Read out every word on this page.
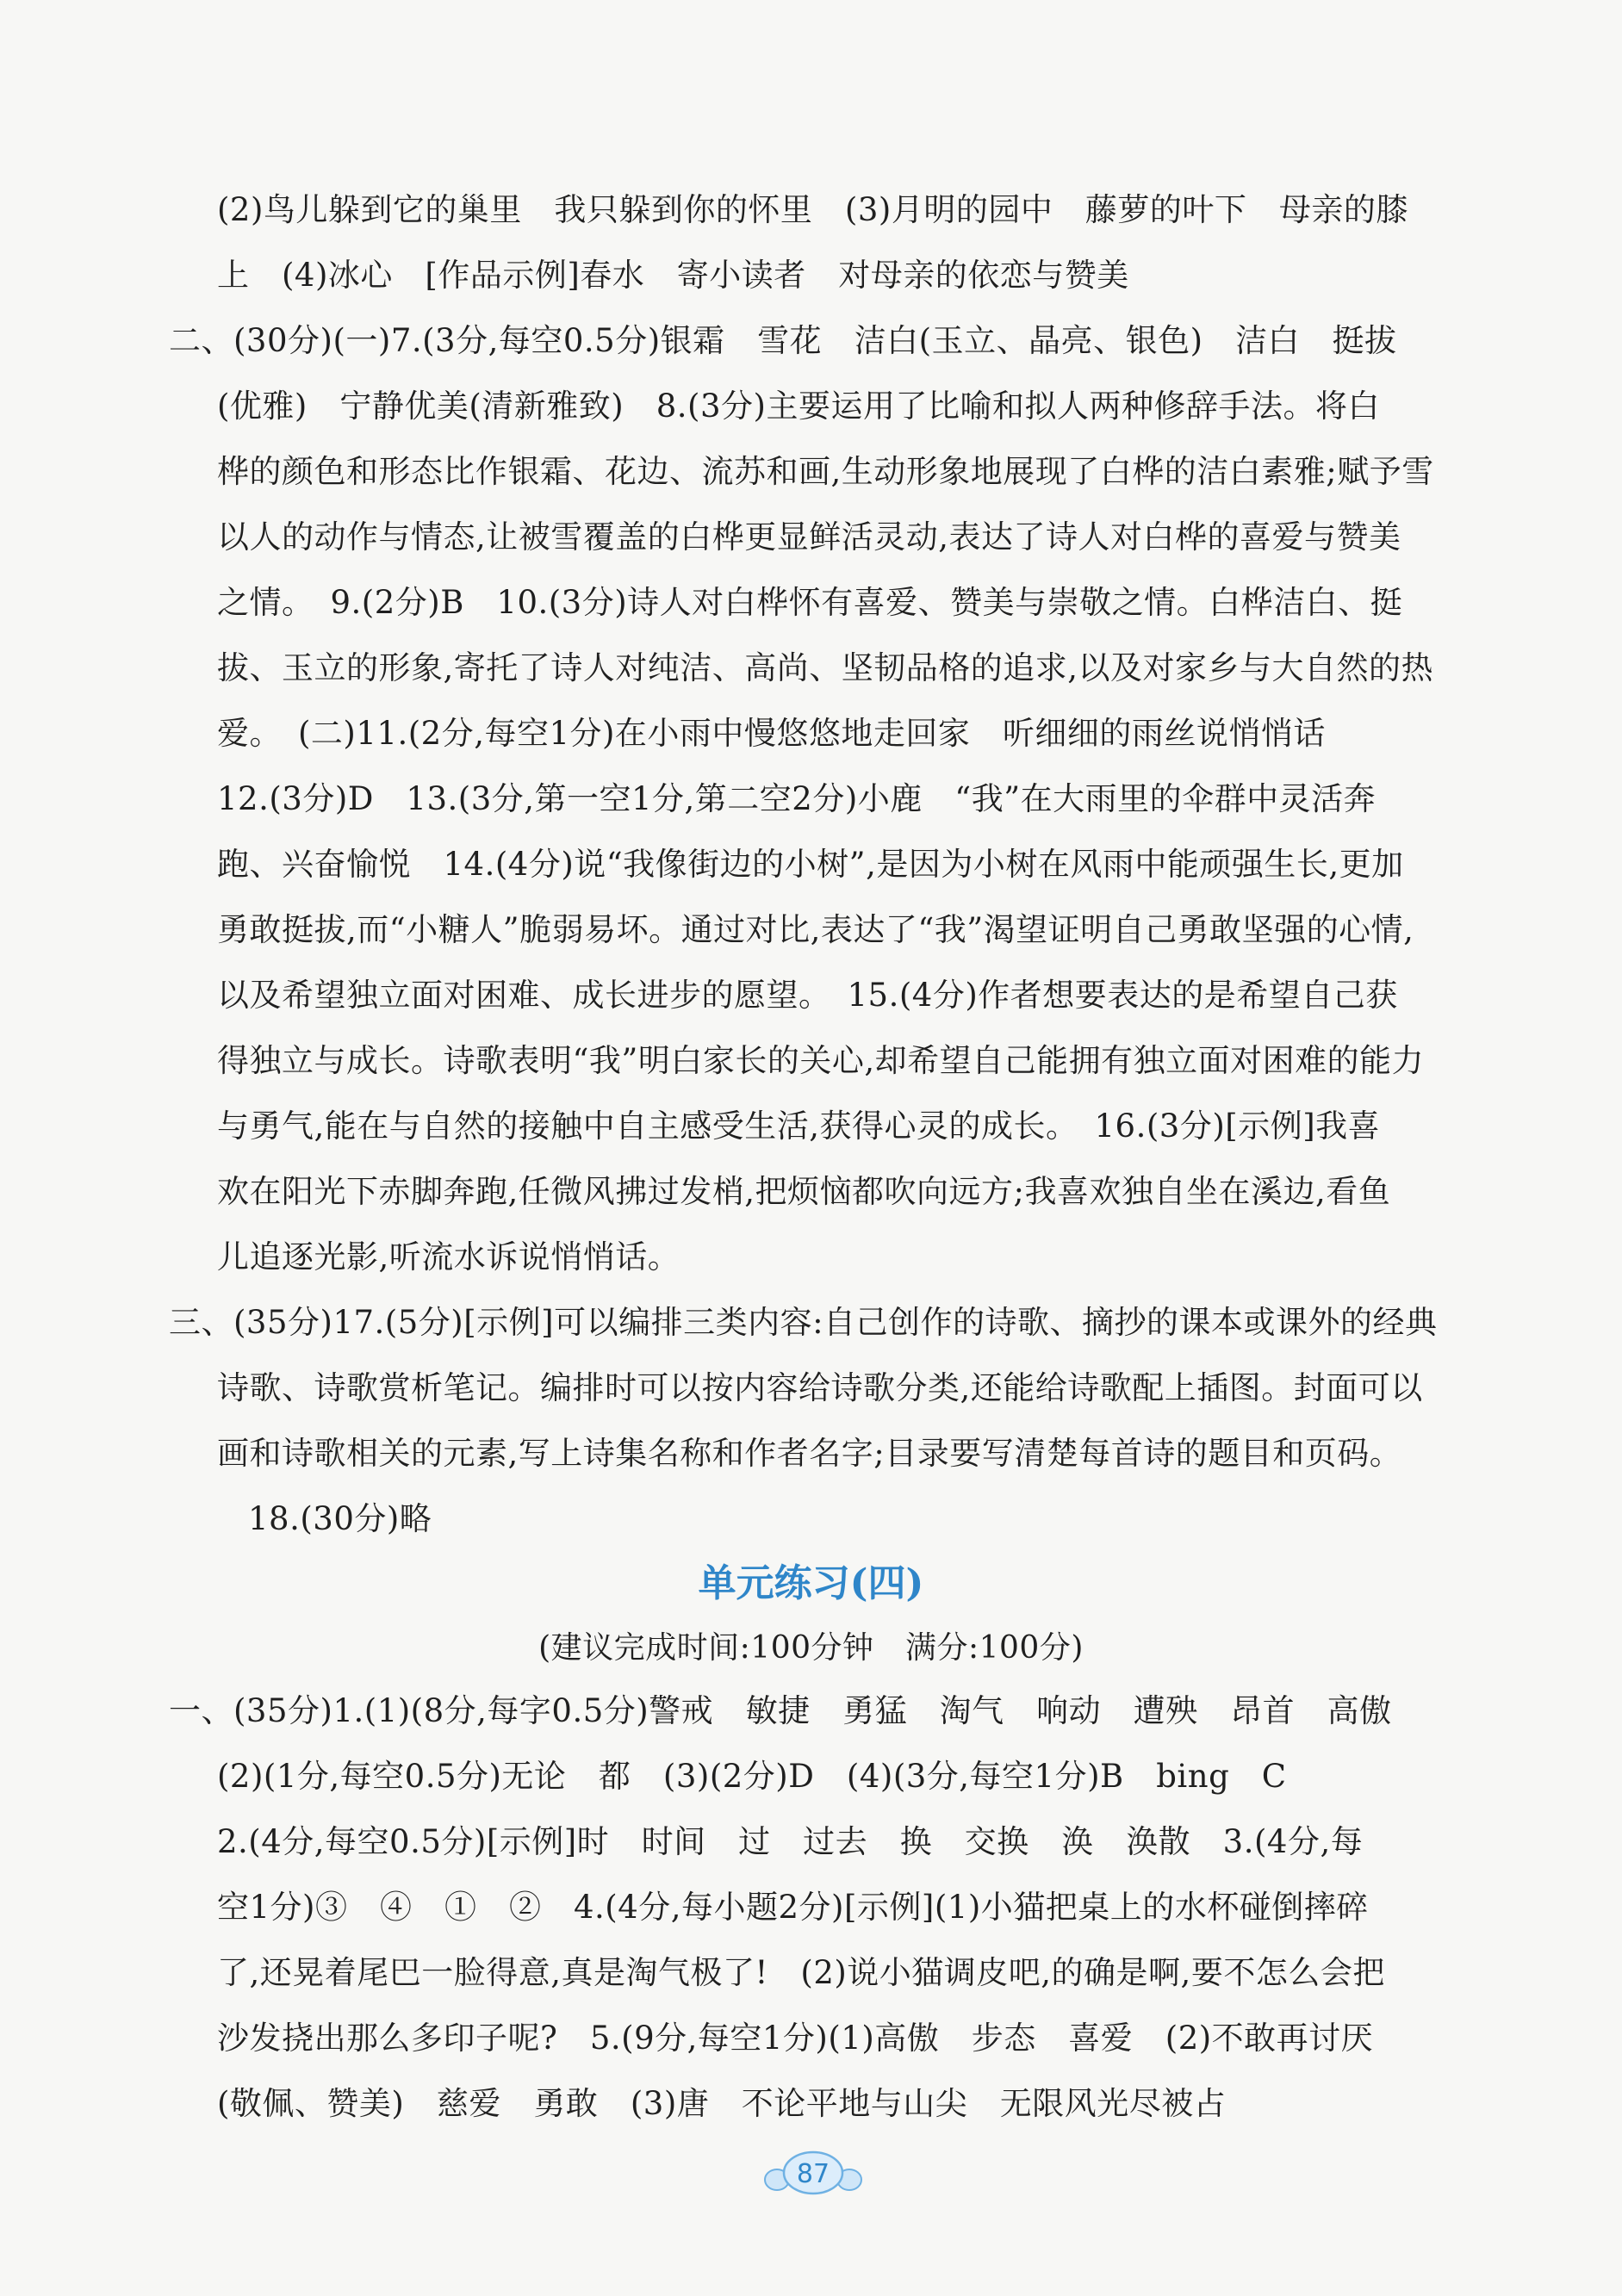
(2)鸟儿躲到它的巢里　我只躲到你的怀里　(3)月明的园中　藤萝的叶下　母亲的膝
上　(4)冰心　[作品示例]春水　寄小读者　对母亲的依恋与赞美
二、(30分)(一)7.(3分,每空0.5分)银霜　雪花　洁白(玉立、晶亮、银色)　洁白　挺拔
(优雅)　宁静优美(清新雅致)　8.(3分)主要运用了比喻和拟人两种修辞手法。将白
桦的颜色和形态比作银霜、花边、流苏和画,生动形象地展现了白桦的洁白素雅;赋予雪
以人的动作与情态,让被雪覆盖的白桦更显鲜活灵动,表达了诗人对白桦的喜爱与赞美
之情。　9.(2分)B　10.(3分)诗人对白桦怀有喜爱、赞美与崇敬之情。白桦洁白、挺
拔、玉立的形象,寄托了诗人对纯洁、高尚、坚韧品格的追求,以及对家乡与大自然的热
爱。　(二)11.(2分,每空1分)在小雨中慢悠悠地走回家　听细细的雨丝说悄悄话
12.(3分)D　13.(3分,第一空1分,第二空2分)小鹿　“我”在大雨里的伞群中灵活奔
跑、兴奋愉悦　14.(4分)说“我像街边的小树”,是因为小树在风雨中能顽强生长,更加
勇敢挺拔,而“小糖人”脆弱易坏。通过对比,表达了“我”渴望证明自己勇敢坚强的心情,
以及希望独立面对困难、成长进步的愿望。　15.(4分)作者想要表达的是希望自己获
得独立与成长。诗歌表明“我”明白家长的关心,却希望自己能拥有独立面对困难的能力
与勇气,能在与自然的接触中自主感受生活,获得心灵的成长。　16.(3分)[示例]我喜
欢在阳光下赤脚奔跑,任微风拂过发梢,把烦恼都吹向远方;我喜欢独自坐在溪边,看鱼
儿追逐光影,听流水诉说悄悄话。
三、(35分)17.(5分)[示例]可以编排三类内容:自己创作的诗歌、摘抄的课本或课外的经典
诗歌、诗歌赏析笔记。编排时可以按内容给诗歌分类,还能给诗歌配上插图。封面可以
画和诗歌相关的元素,写上诗集名称和作者名字;目录要写清楚每首诗的题目和页码。
18.(30分)略
单元练习(四)
(建议完成时间:100分钟　满分:100分)
一、(35分)1.(1)(8分,每字0.5分)警戒　敏捷　勇猛　淘气　响动　遭殃　昂首　高傲
(2)(1分,每空0.5分)无论　都　(3)(2分)D　(4)(3分,每空1分)B　bing　C
2.(4分,每空0.5分)[示例]时　时间　过　过去　换　交换　涣　涣散　3.(4分,每
空1分)③　④　①　②　4.(4分,每小题2分)[示例](1)小猫把桌上的水杯碰倒摔碎
了,还晃着尾巴一脸得意,真是淘气极了!　(2)说小猫调皮吧,的确是啊,要不怎么会把
沙发挠出那么多印子呢?　5.(9分,每空1分)(1)高傲　步态　喜爱　(2)不敢再讨厌
(敬佩、赞美)　慈爱　勇敢　(3)唐　不论平地与山尖　无限风光尽被占
87
